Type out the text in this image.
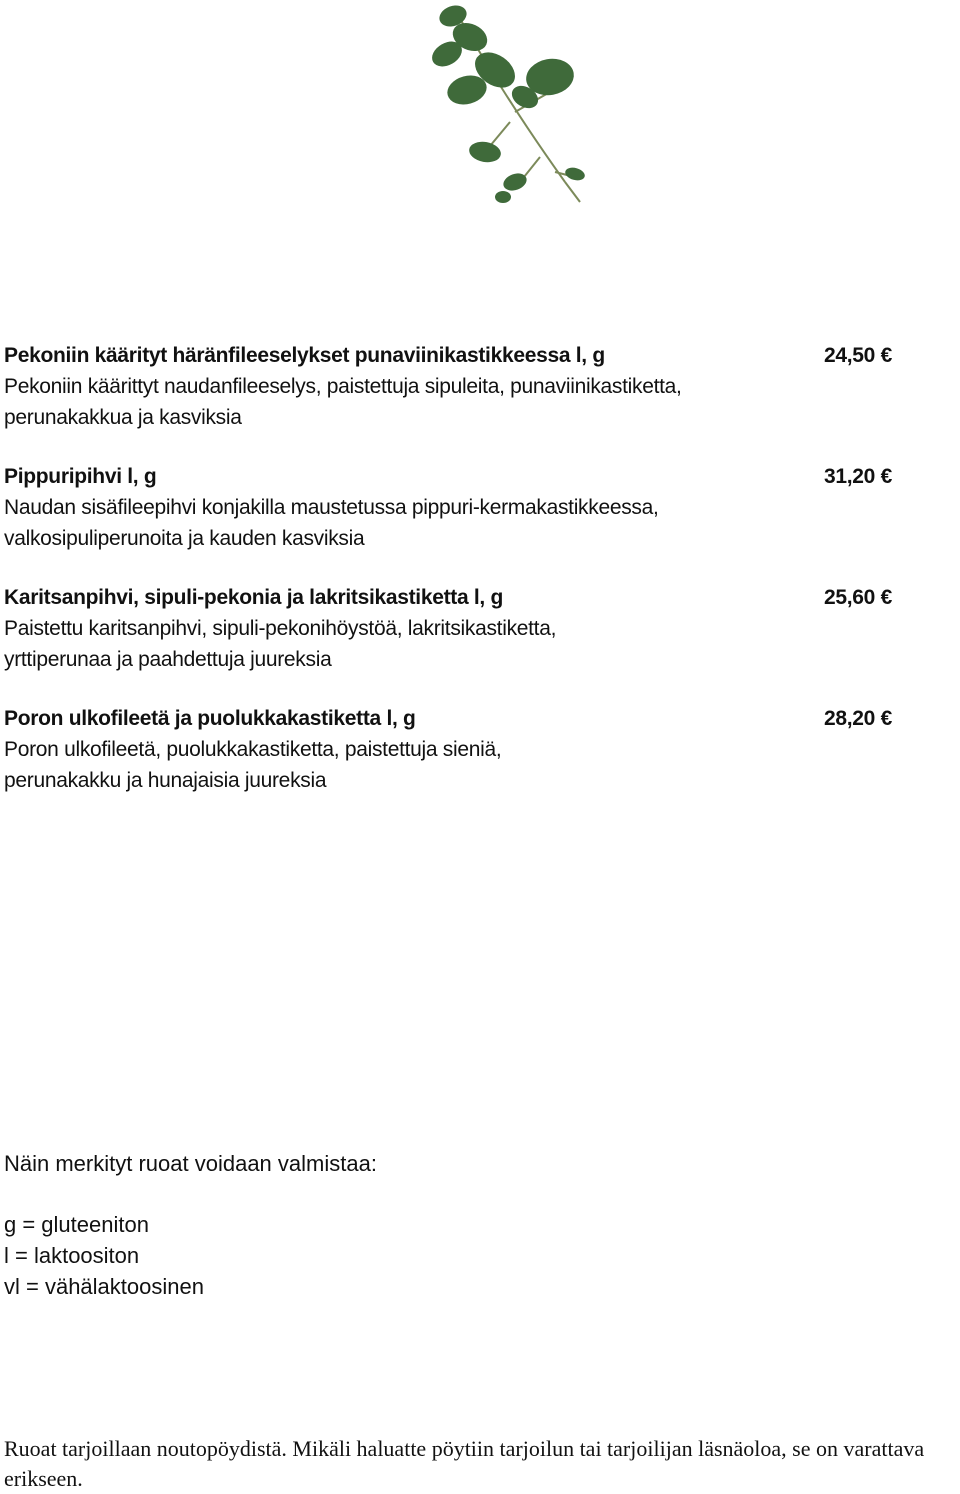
Pekoniin käärityt häränfileeselykset punaviinikastikkeessa l, g	24,50 €
Pekoniin käärittyt naudanfileeselys, paistettuja sipuleita, punaviinikastiketta,
perunakakkua ja kasviksia
Pippuripihvi l, g	31,20 €
Naudan sisäfileepihvi konjakilla maustetussa pippuri-kermakastikkeessa,
valkosipuliperunoita ja kauden kasviksia
Karitsanpihvi, sipuli-pekonia ja lakritsikastiketta l, g	25,60 €
Paistettu karitsanpihvi, sipuli-pekonihöystöä, lakritsikastiketta,
yrttiperunaa ja paahdettuja juureksia
Poron ulkofileetä ja puolukkakastiketta l, g	28,20 €
Poron ulkofileetä, puolukkakastiketta, paistettuja sieniä,
perunakakku ja hunajaisia juureksia
Näin merkityt ruoat voidaan valmistaa:
g = gluteeniton
l = laktoositon
vl = vähälaktoosinen
Ruoat tarjoillaan noutopöydistä. Mikäli haluatte pöytiin tarjoilun tai tarjoilijan läsnäoloa, se on varattava erikseen.
